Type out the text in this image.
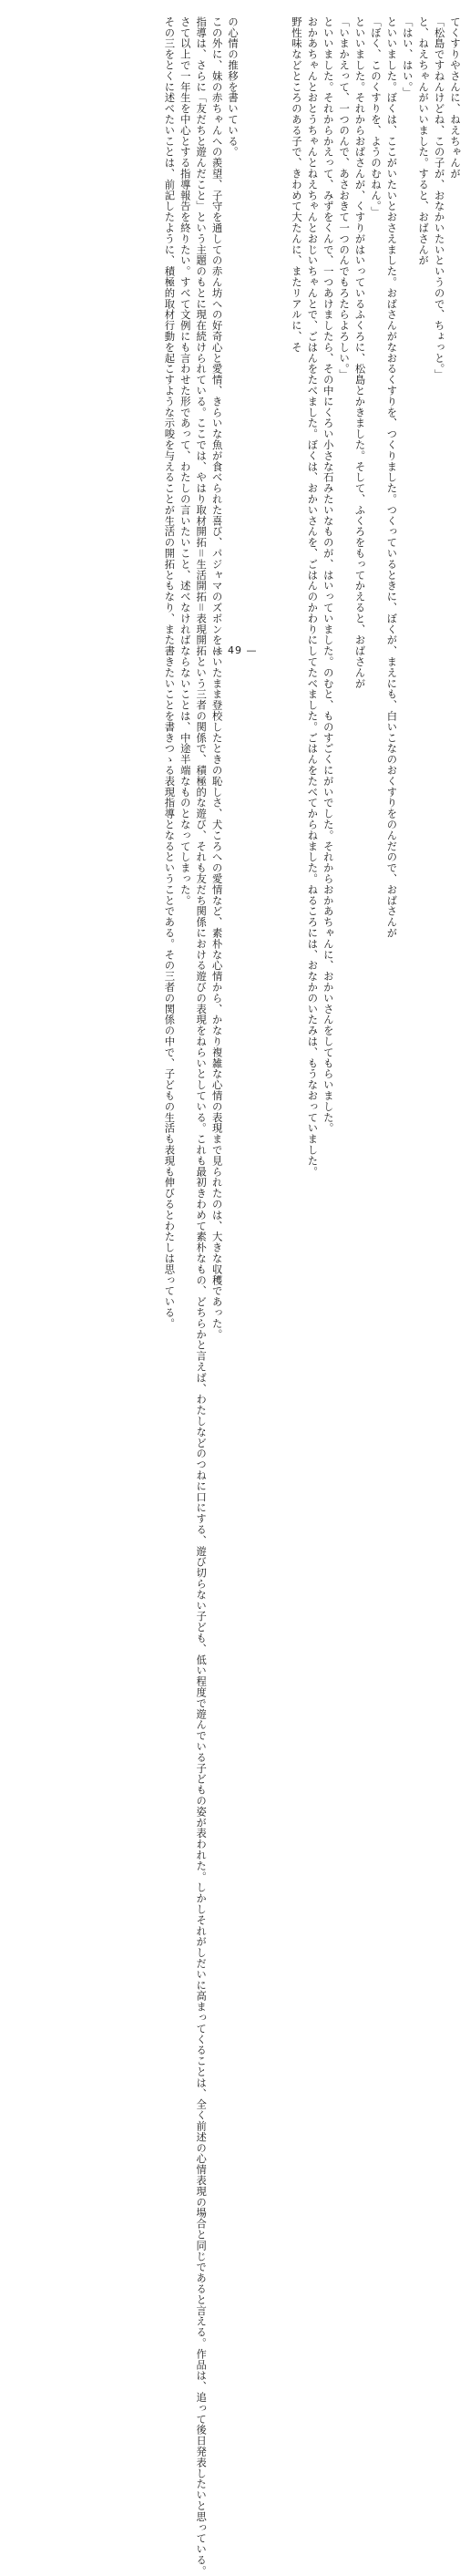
てくすりやさんに、ねえちゃんが
「松島ですねんけどね、この子が、おなかいたいというので、ちょっと。」
と、ねえちゃんがいいました。すると、おばさんが
「はい、はい。」
といいました。ぼくは、ここがいたいとおさえました。おばさんがなおるくすりを、つくりました。つくっているときに、ぼくが、まえにも、白いこなのおくすりをのんだので、おばさんが
「ぼく、このくすりを、ようのむねん。」
といいました。それからおばさんが、くすりがはいっているふくろに、松島とかきました。そして、ふくろをもってかえると、おばさんが
「いまかえって、一つのんで、あさおきて一つのんでもろたらよろしい。」
といいました。それからかえって、みずをくんで、一つあけましたら、その中にくろい小さな石みたいなものが、はいっていました。のむと、ものすごくにがいでした。それからおかあちゃんに、おかいさんをしてもらいました。
おかあちゃんとおとうちゃんとねえちゃんとおじいちゃんとで、ごはんをたべました。ぼくは、おかいさんを、ごはんのかわりにしてたべました。ごはんをたべてからねました。ねるころには、おなかのいたみは、もうなおっていました。
野性味などところのある子で、きわめて大たんに、またリアルに、そ
の心情の推移を書いている。
この外に、妹の赤ちゃんへの羨望、子守を通しての赤ん坊への好奇心と愛情、きらいな魚が食べられた喜び、パジャマのズボンをはいたまま登校したときの恥しさ、犬ころへの愛情など、素朴な心情から、かなり複雑な心情の表現まで見られたのは、大きな収穫であった。
指導は、さらに「友だちと遊んだこと」という主題のもとに現在続けられている。ここでは、やはり取材開拓＝生活開拓＝表現開拓という三者の関係で、積極的な遊び、それも友だち関係における遊びの表現をねらいとしている。これも最初きわめて素朴なもの、どちらかと言えば、わたしなどのつねに口にする、遊び切らない子ども、低い程度で遊んでいる子どもの姿が表われた。しかしそれがしだいに高まってくることは、全く前述の心情表現の場合と同じであると言える。作品は、追って後日発表したいと思っている。
さて以上で一年生を中心とする指導報告を終りたい。すべて文例にも言わせた形であって、わたしの言いたいこと、述べなければならないことは、中途半端なものとなってしまった。
その三をとくに述べたいことは、前記したように、積極的取材行動を起こすような示唆を与えることが生活の開拓ともなり、また書きたいことを書きつゝる表現指導となるということである。その三者の関係の中で、子どもの生活も表現も伸びるとわたしは思っている。	— 49 —
